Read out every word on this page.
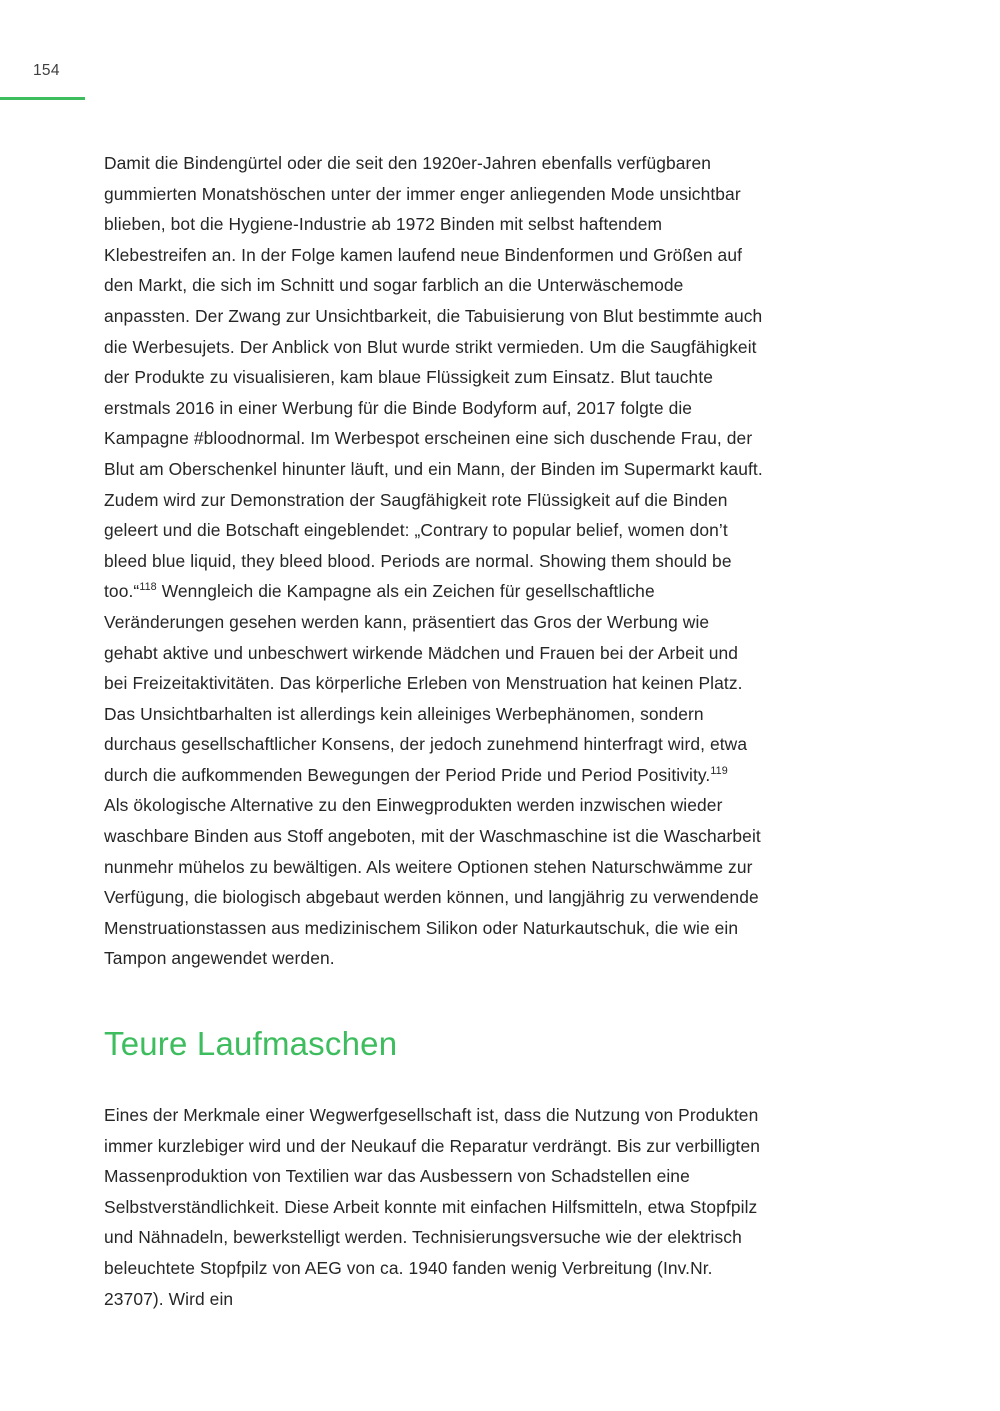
154

Damit die Bindengürtel oder die seit den 1920er-Jahren ebenfalls verfügbaren gummierten Monatshöschen unter der immer enger anliegenden Mode unsichtbar blieben, bot die Hygiene-Industrie ab 1972 Binden mit selbst haftendem Klebestreifen an. In der Folge kamen laufend neue Bindenformen und Größen auf den Markt, die sich im Schnitt und sogar farblich an die Unterwäschemode anpassten. Der Zwang zur Unsichtbarkeit, die Tabuisierung von Blut bestimmte auch die Werbesujets. Der Anblick von Blut wurde strikt vermieden. Um die Saugfähigkeit der Produkte zu visualisieren, kam blaue Flüssigkeit zum Einsatz. Blut tauchte erstmals 2016 in einer Werbung für die Binde Bodyform auf, 2017 folgte die Kampagne #bloodnormal. Im Werbespot erscheinen eine sich duschende Frau, der Blut am Oberschenkel hinunter läuft, und ein Mann, der Binden im Supermarkt kauft. Zudem wird zur Demonstration der Saugfähigkeit rote Flüssigkeit auf die Binden geleert und die Botschaft eingeblendet: „Contrary to popular belief, women don’t bleed blue liquid, they bleed blood. Periods are normal. Showing them should be too.“$^{118}$ Wenngleich die Kampagne als ein Zeichen für gesellschaftliche Veränderungen gesehen werden kann, präsentiert das Gros der Werbung wie gehabt aktive und unbeschwert wirkende Mädchen und Frauen bei der Arbeit und bei Freizeitaktivitäten. Das körperliche Erleben von Menstruation hat keinen Platz. Das Unsichtbarhalten ist allerdings kein alleiniges Werbephänomen, sondern durchaus gesellschaftlicher Konsens, der jedoch zunehmend hinterfragt wird, etwa durch die aufkommenden Bewegungen der Period Pride und Period Positivity.$^{119}$

Als ökologische Alternative zu den Einwegprodukten werden inzwischen wieder waschbare Binden aus Stoff angeboten, mit der Waschmaschine ist die Wascharbeit nunmehr mühelos zu bewältigen. Als weitere Optionen stehen Naturschwämme zur Verfügung, die biologisch abgebaut werden können, und langjährig zu verwendende Menstruationstassen aus medizinischem Silikon oder Naturkautschuk, die wie ein Tampon angewendet werden.

Teure Laufmaschen

Eines der Merkmale einer Wegwerfgesellschaft ist, dass die Nutzung von Produkten immer kurzlebiger wird und der Neukauf die Reparatur verdrängt. Bis zur verbilligten Massenproduktion von Textilien war das Ausbessern von Schadstellen eine Selbstverständlichkeit. Diese Arbeit konnte mit einfachen Hilfsmitteln, etwa Stopfpilz und Nähnadeln, bewerkstelligt werden. Technisierungsversuche wie der elektrisch beleuchtete Stopfpilz von AEG von ca. 1940 fanden wenig Verbreitung (Inv.Nr. 23707). Wird ein
